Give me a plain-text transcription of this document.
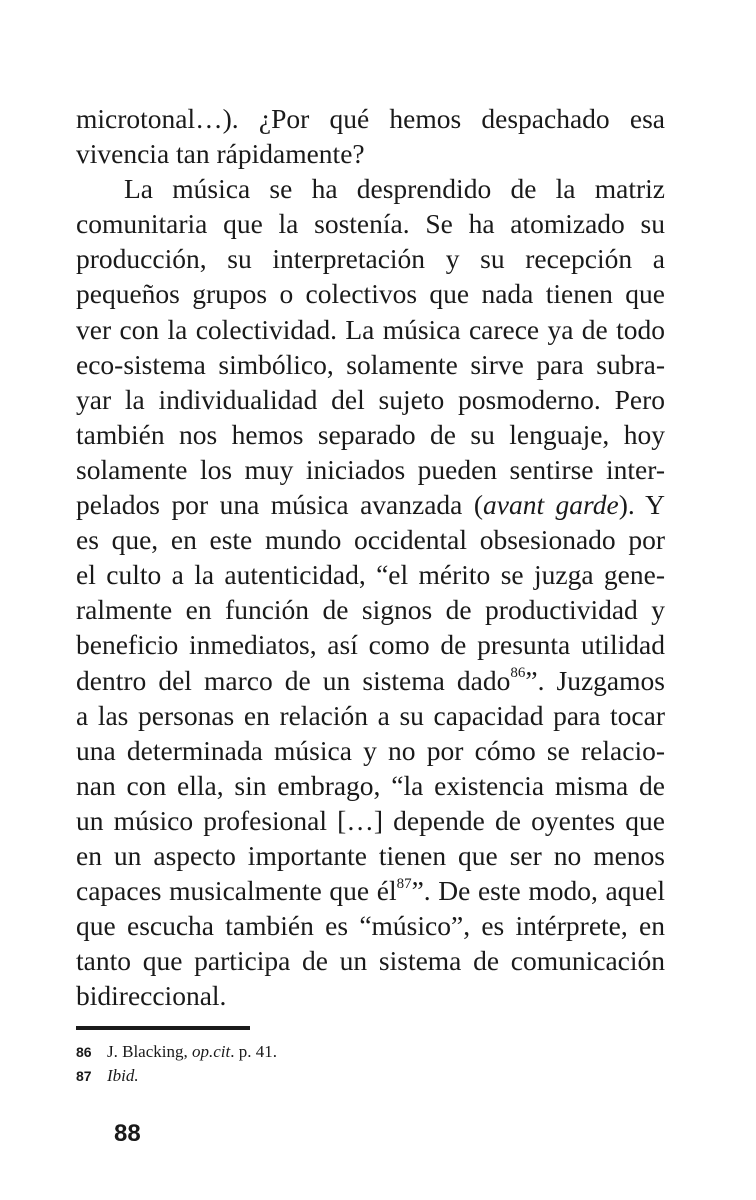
microtonal…). ¿Por qué hemos despachado esa
vivencia tan rápidamente?
La música se ha desprendido de la matriz
comunitaria que la sostenía. Se ha atomizado su
producción, su interpretación y su recepción a
pequeños grupos o colectivos que nada tienen que
ver con la colectividad. La música carece ya de todo
eco-sistema simbólico, solamente sirve para subra-
yar la individualidad del sujeto posmoderno. Pero
también nos hemos separado de su lenguaje, hoy
solamente los muy iniciados pueden sentirse inter-
pelados por una música avanzada (avant garde). Y
es que, en este mundo occidental obsesionado por
el culto a la autenticidad, “el mérito se juzga gene-
ralmente en función de signos de productividad y
beneficio inmediatos, así como de presunta utilidad
dentro del marco de un sistema dado$^{86}$”. Juzgamos
a las personas en relación a su capacidad para tocar
una determinada música y no por cómo se relacio-
nan con ella, sin embrago, “la existencia misma de
un músico profesional […] depende de oyentes que
en un aspecto importante tienen que ser no menos
capaces musicalmente que $él^{87}$”. De este modo, aquel
que escucha también es “músico”, es intérprete, en
tanto que participa de un sistema de comunicación
bidireccional.
86 J. Blacking, op.cit. p. 41.
87 Ibid.
88
